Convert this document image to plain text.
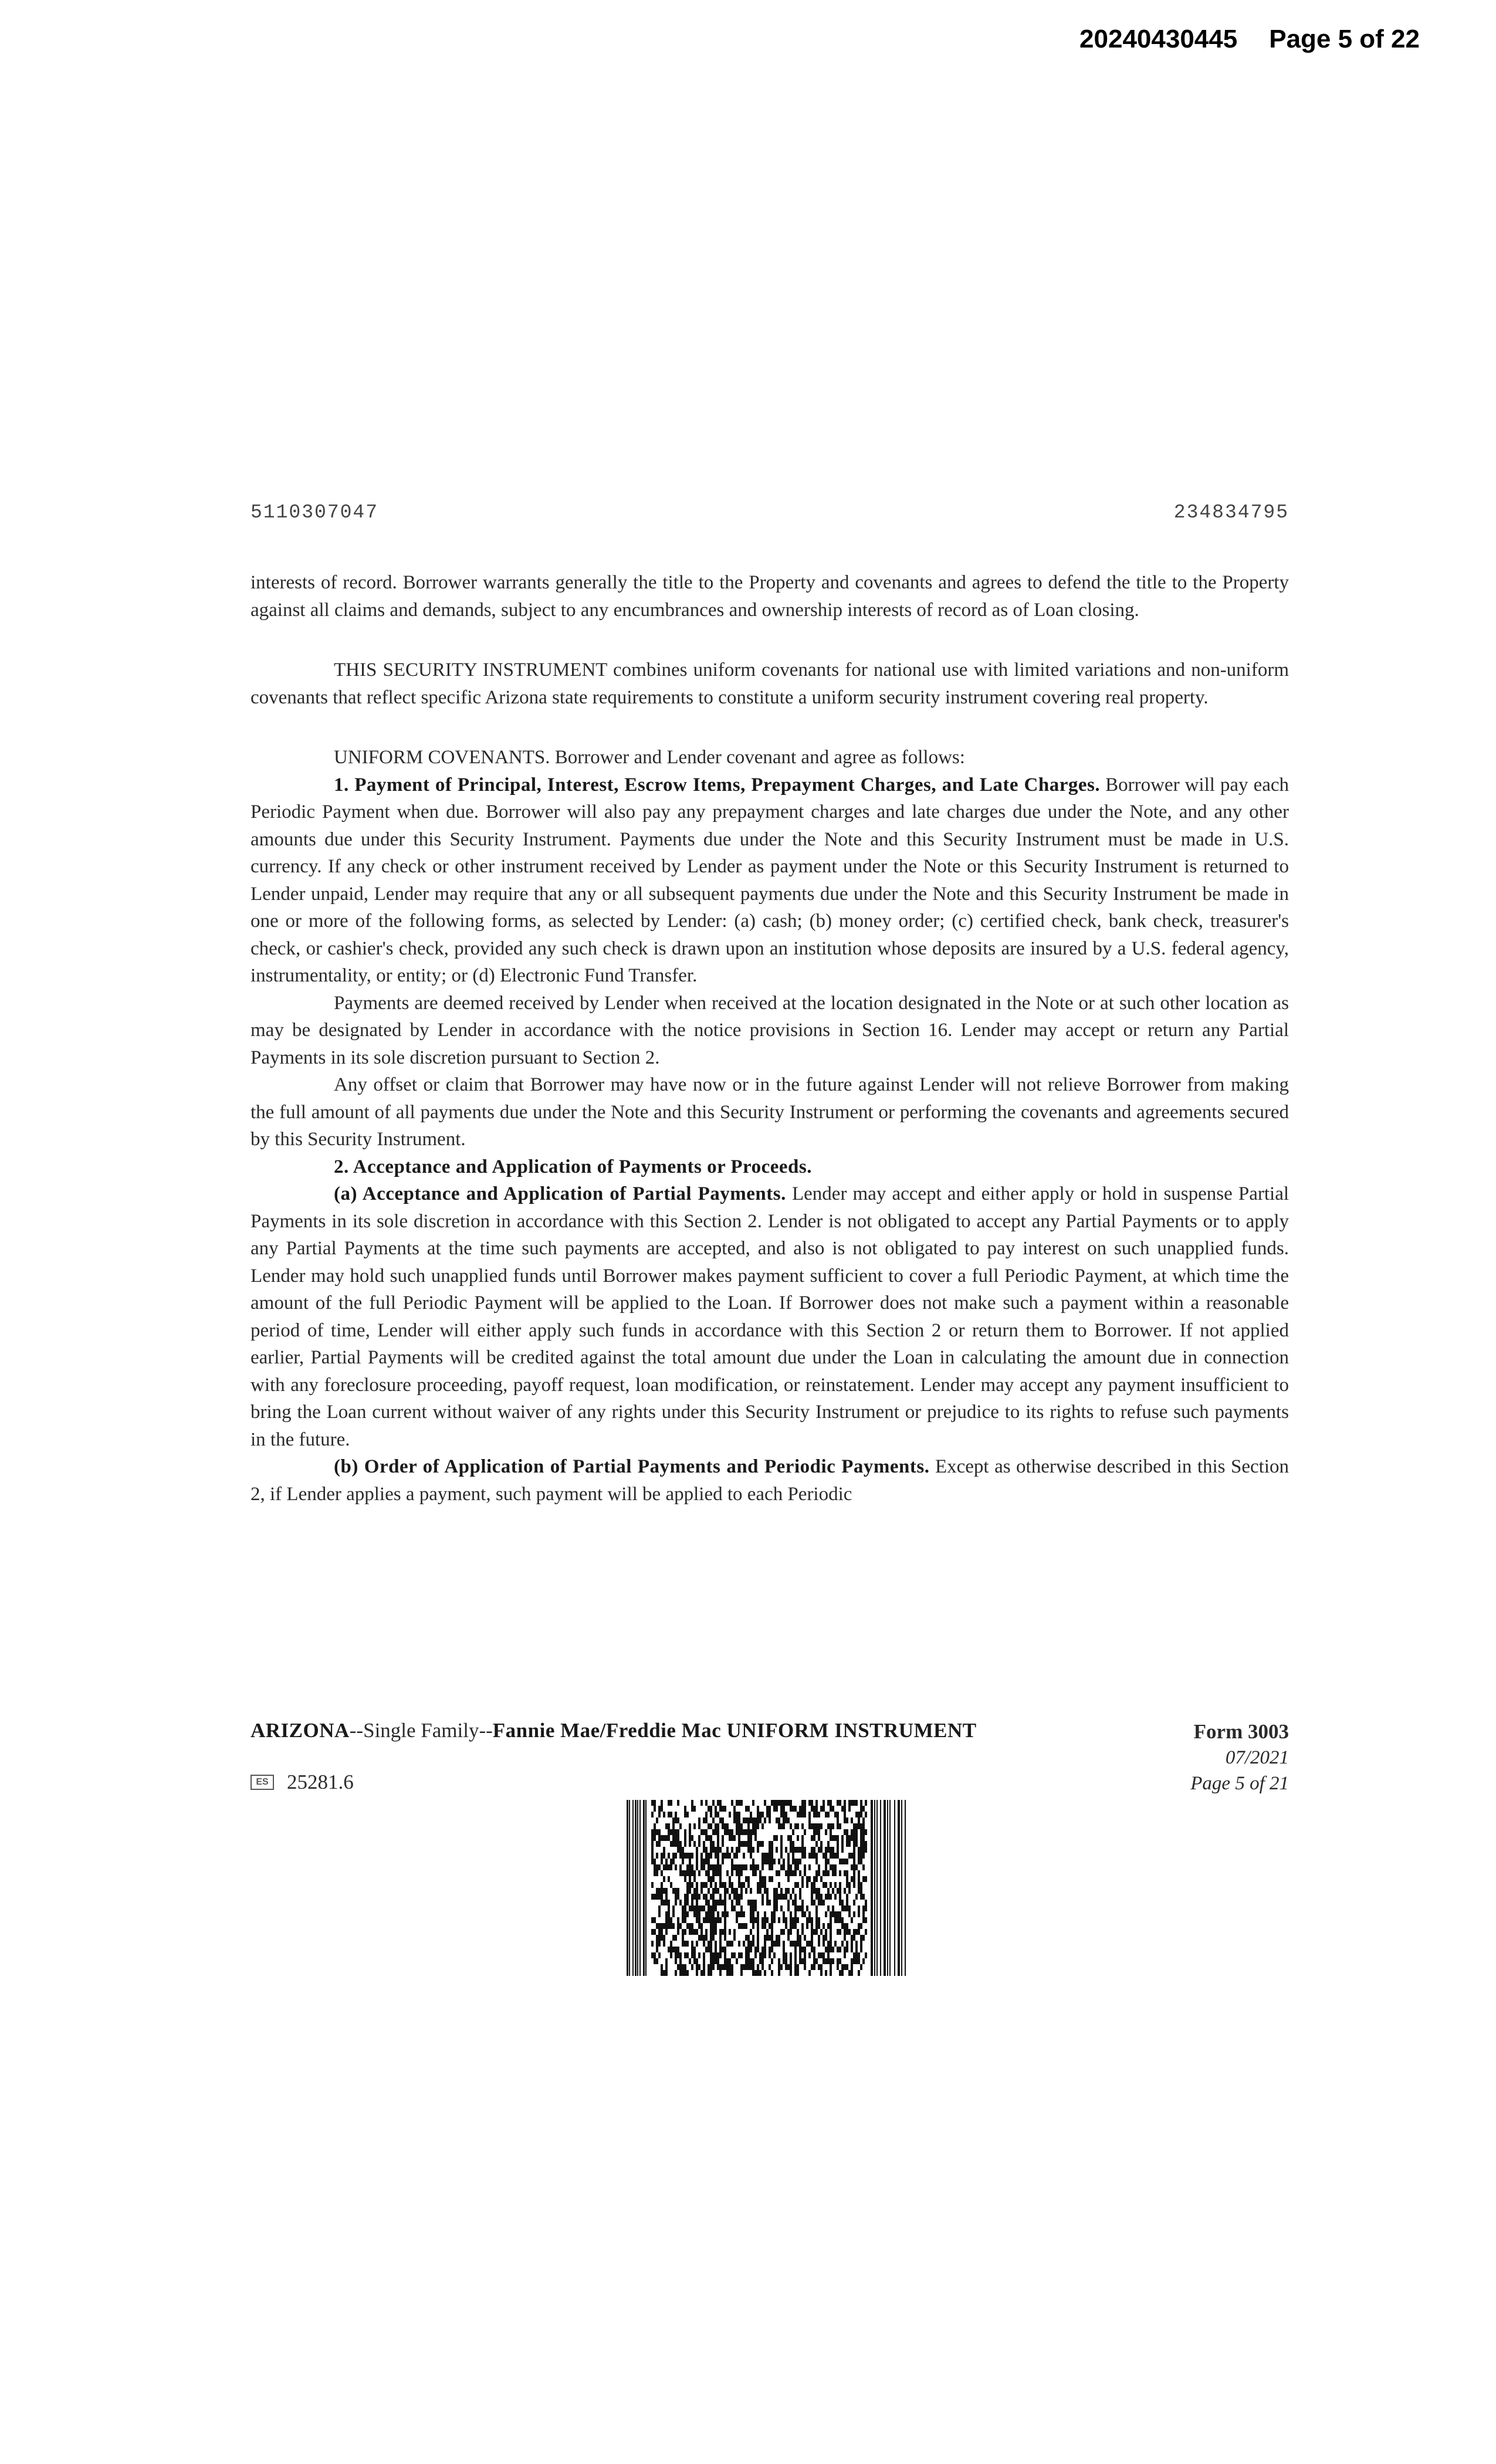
20240430445 Page 5 of 22
5110307047	234834795

interests of record. Borrower warrants generally the title to the Property and covenants and agrees to defend the title to the Property against all claims and demands, subject to any encumbrances and ownership interests of record as of Loan closing.

THIS SECURITY INSTRUMENT combines uniform covenants for national use with limited variations and non-uniform covenants that reflect specific Arizona state requirements to constitute a uniform security instrument covering real property.

UNIFORM COVENANTS. Borrower and Lender covenant and agree as follows:

1. Payment of Principal, Interest, Escrow Items, Prepayment Charges, and Late Charges. Borrower will pay each Periodic Payment when due. Borrower will also pay any prepayment charges and late charges due under the Note, and any other amounts due under this Security Instrument. Payments due under the Note and this Security Instrument must be made in U.S. currency. If any check or other instrument received by Lender as payment under the Note or this Security Instrument is returned to Lender unpaid, Lender may require that any or all subsequent payments due under the Note and this Security Instrument be made in one or more of the following forms, as selected by Lender: (a) cash; (b) money order; (c) certified check, bank check, treasurer's check, or cashier's check, provided any such check is drawn upon an institution whose deposits are insured by a U.S. federal agency, instrumentality, or entity; or (d) Electronic Fund Transfer.

Payments are deemed received by Lender when received at the location designated in the Note or at such other location as may be designated by Lender in accordance with the notice provisions in Section 16. Lender may accept or return any Partial Payments in its sole discretion pursuant to Section 2.

Any offset or claim that Borrower may have now or in the future against Lender will not relieve Borrower from making the full amount of all payments due under the Note and this Security Instrument or performing the covenants and agreements secured by this Security Instrument.

2. Acceptance and Application of Payments or Proceeds.

(a) Acceptance and Application of Partial Payments. Lender may accept and either apply or hold in suspense Partial Payments in its sole discretion in accordance with this Section 2. Lender is not obligated to accept any Partial Payments or to apply any Partial Payments at the time such payments are accepted, and also is not obligated to pay interest on such unapplied funds. Lender may hold such unapplied funds until Borrower makes payment sufficient to cover a full Periodic Payment, at which time the amount of the full Periodic Payment will be applied to the Loan. If Borrower does not make such a payment within a reasonable period of time, Lender will either apply such funds in accordance with this Section 2 or return them to Borrower. If not applied earlier, Partial Payments will be credited against the total amount due under the Loan in calculating the amount due in connection with any foreclosure proceeding, payoff request, loan modification, or reinstatement. Lender may accept any payment insufficient to bring the Loan current without waiver of any rights under this Security Instrument or prejudice to its rights to refuse such payments in the future.

(b) Order of Application of Partial Payments and Periodic Payments. Except as otherwise described in this Section 2, if Lender applies a payment, such payment will be applied to each Periodic

ARIZONA--Single Family--Fannie Mae/Freddie Mac UNIFORM INSTRUMENT	Form 3003
07/2021
Page 5 of 21
ES 25281.6
